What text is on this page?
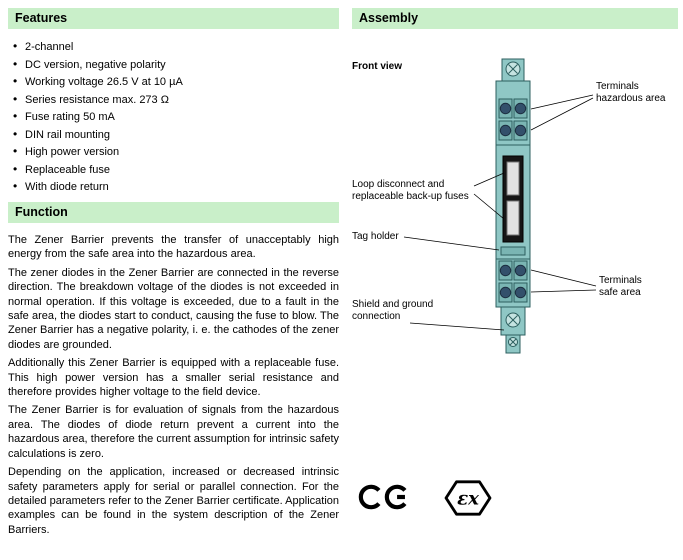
Features
• 2-channel
• DC version, negative polarity
• Working voltage 26.5 V at 10 µA
• Series resistance max. 273 Ω
• Fuse rating 50 mA
• DIN rail mounting
• High power version
• Replaceable fuse
• With diode return
Function
The Zener Barrier prevents the transfer of unacceptably high energy from the safe area into the hazardous area.
The zener diodes in the Zener Barrier are connected in the reverse direction. The breakdown voltage of the diodes is not exceeded in normal operation. If this voltage is exceeded, due to a fault in the safe area, the diodes start to conduct, causing the fuse to blow. The Zener Barrier has a negative polarity, i. e. the cathodes of the zener diodes are grounded.
Additionally this Zener Barrier is equipped with a replaceable fuse. This high power version has a smaller serial resistance and therefore provides higher voltage to the field device.
The Zener Barrier is for evaluation of signals from the hazardous area. The diodes of diode return prevent a current into the hazardous area, therefore the current assumption for intrinsic safety calculations is zero.
Depending on the application, increased or decreased intrinsic safety parameters apply for serial or parallel connection. For the detailed parameters refer to the Zener Barrier certificate. Application examples can be found in the system description of the Zener Barriers.
Assembly
Front view
Terminals
hazardous area
Loop disconnect and
replaceable back-up fuses
Tag holder
Terminals
safe area
Shield and ground
connection
εx
